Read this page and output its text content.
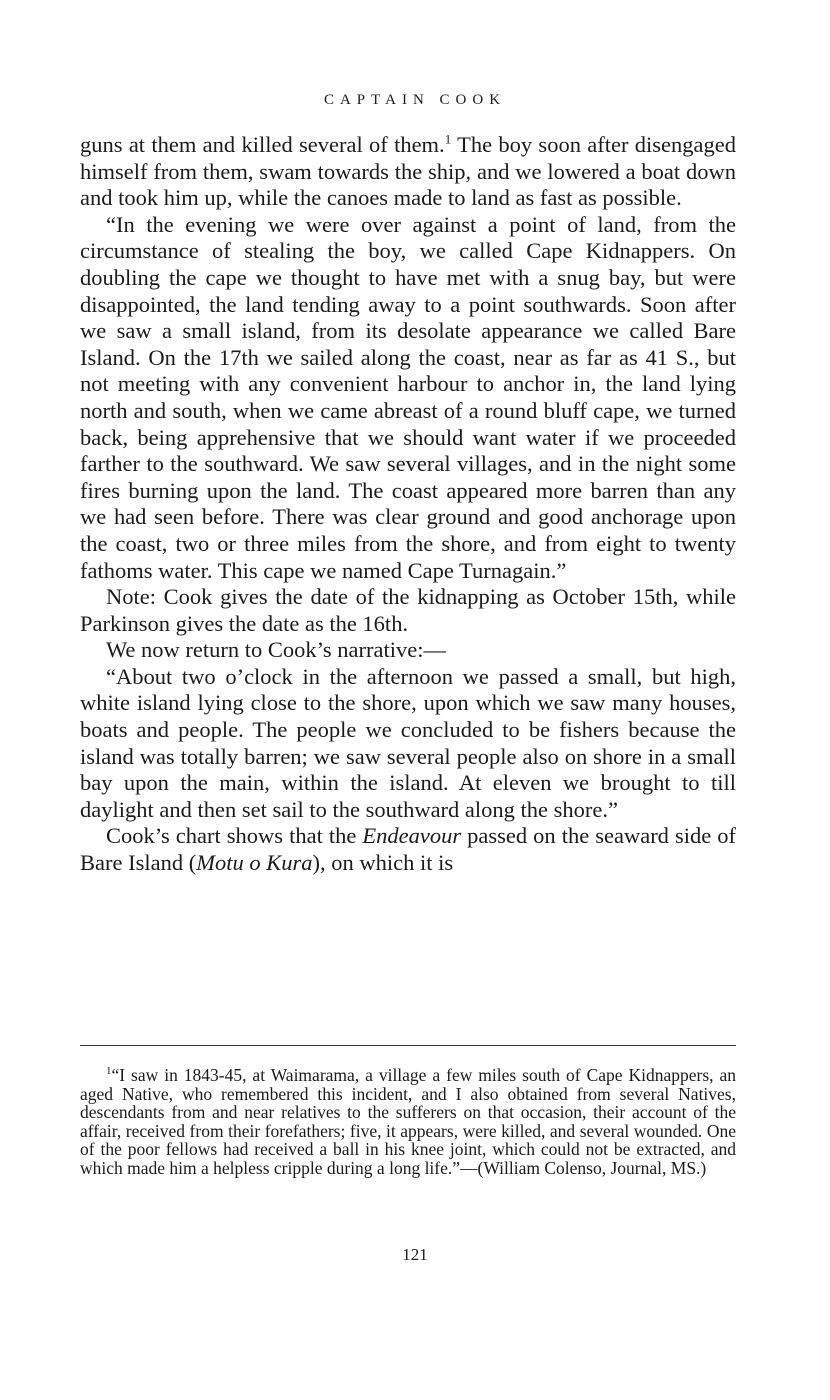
CAPTAIN COOK

guns at them and killed several of them.$^1$ The boy soon after disengaged himself from them, swam towards the ship, and we lowered a boat down and took him up, while the canoes made to land as fast as possible.

“In the evening we were over against a point of land, from the circumstance of stealing the boy, we called Cape Kidnappers. On doubling the cape we thought to have met with a snug bay, but were disappointed, the land tending away to a point southwards. Soon after we saw a small island, from its desolate appearance we called Bare Island. On the 17th we sailed along the coast, near as far as 41 S., but not meeting with any convenient harbour to anchor in, the land lying north and south, when we came abreast of a round bluff cape, we turned back, being apprehensive that we should want water if we proceeded farther to the southward. We saw several villages, and in the night some fires burning upon the land. The coast appeared more barren than any we had seen before. There was clear ground and good anchorage upon the coast, two or three miles from the shore, and from eight to twenty fathoms water. This cape we named Cape Turnagain.”

Note: Cook gives the date of the kidnapping as October 15th, while Parkinson gives the date as the 16th.

We now return to Cook’s narrative:—

“About two o’clock in the afternoon we passed a small, but high, white island lying close to the shore, upon which we saw many houses, boats and people. The people we concluded to be fishers because the island was totally barren; we saw several people also on shore in a small bay upon the main, within the island. At eleven we brought to till daylight and then set sail to the southward along the shore.”

Cook’s chart shows that the Endeavour passed on the seaward side of Bare Island (Motu o Kura), on which it is

$^1$“I saw in 1843-45, at Waimarama, a village a few miles south of Cape Kidnappers, an aged Native, who remembered this incident, and I also obtained from several Natives, descendants from and near relatives to the sufferers on that occasion, their account of the affair, received from their forefathers; five, it appears, were killed, and several wounded. One of the poor fellows had received a ball in his knee joint, which could not be extracted, and which made him a helpless cripple during a long life.”—(William Colenso, Journal, MS.)
121
